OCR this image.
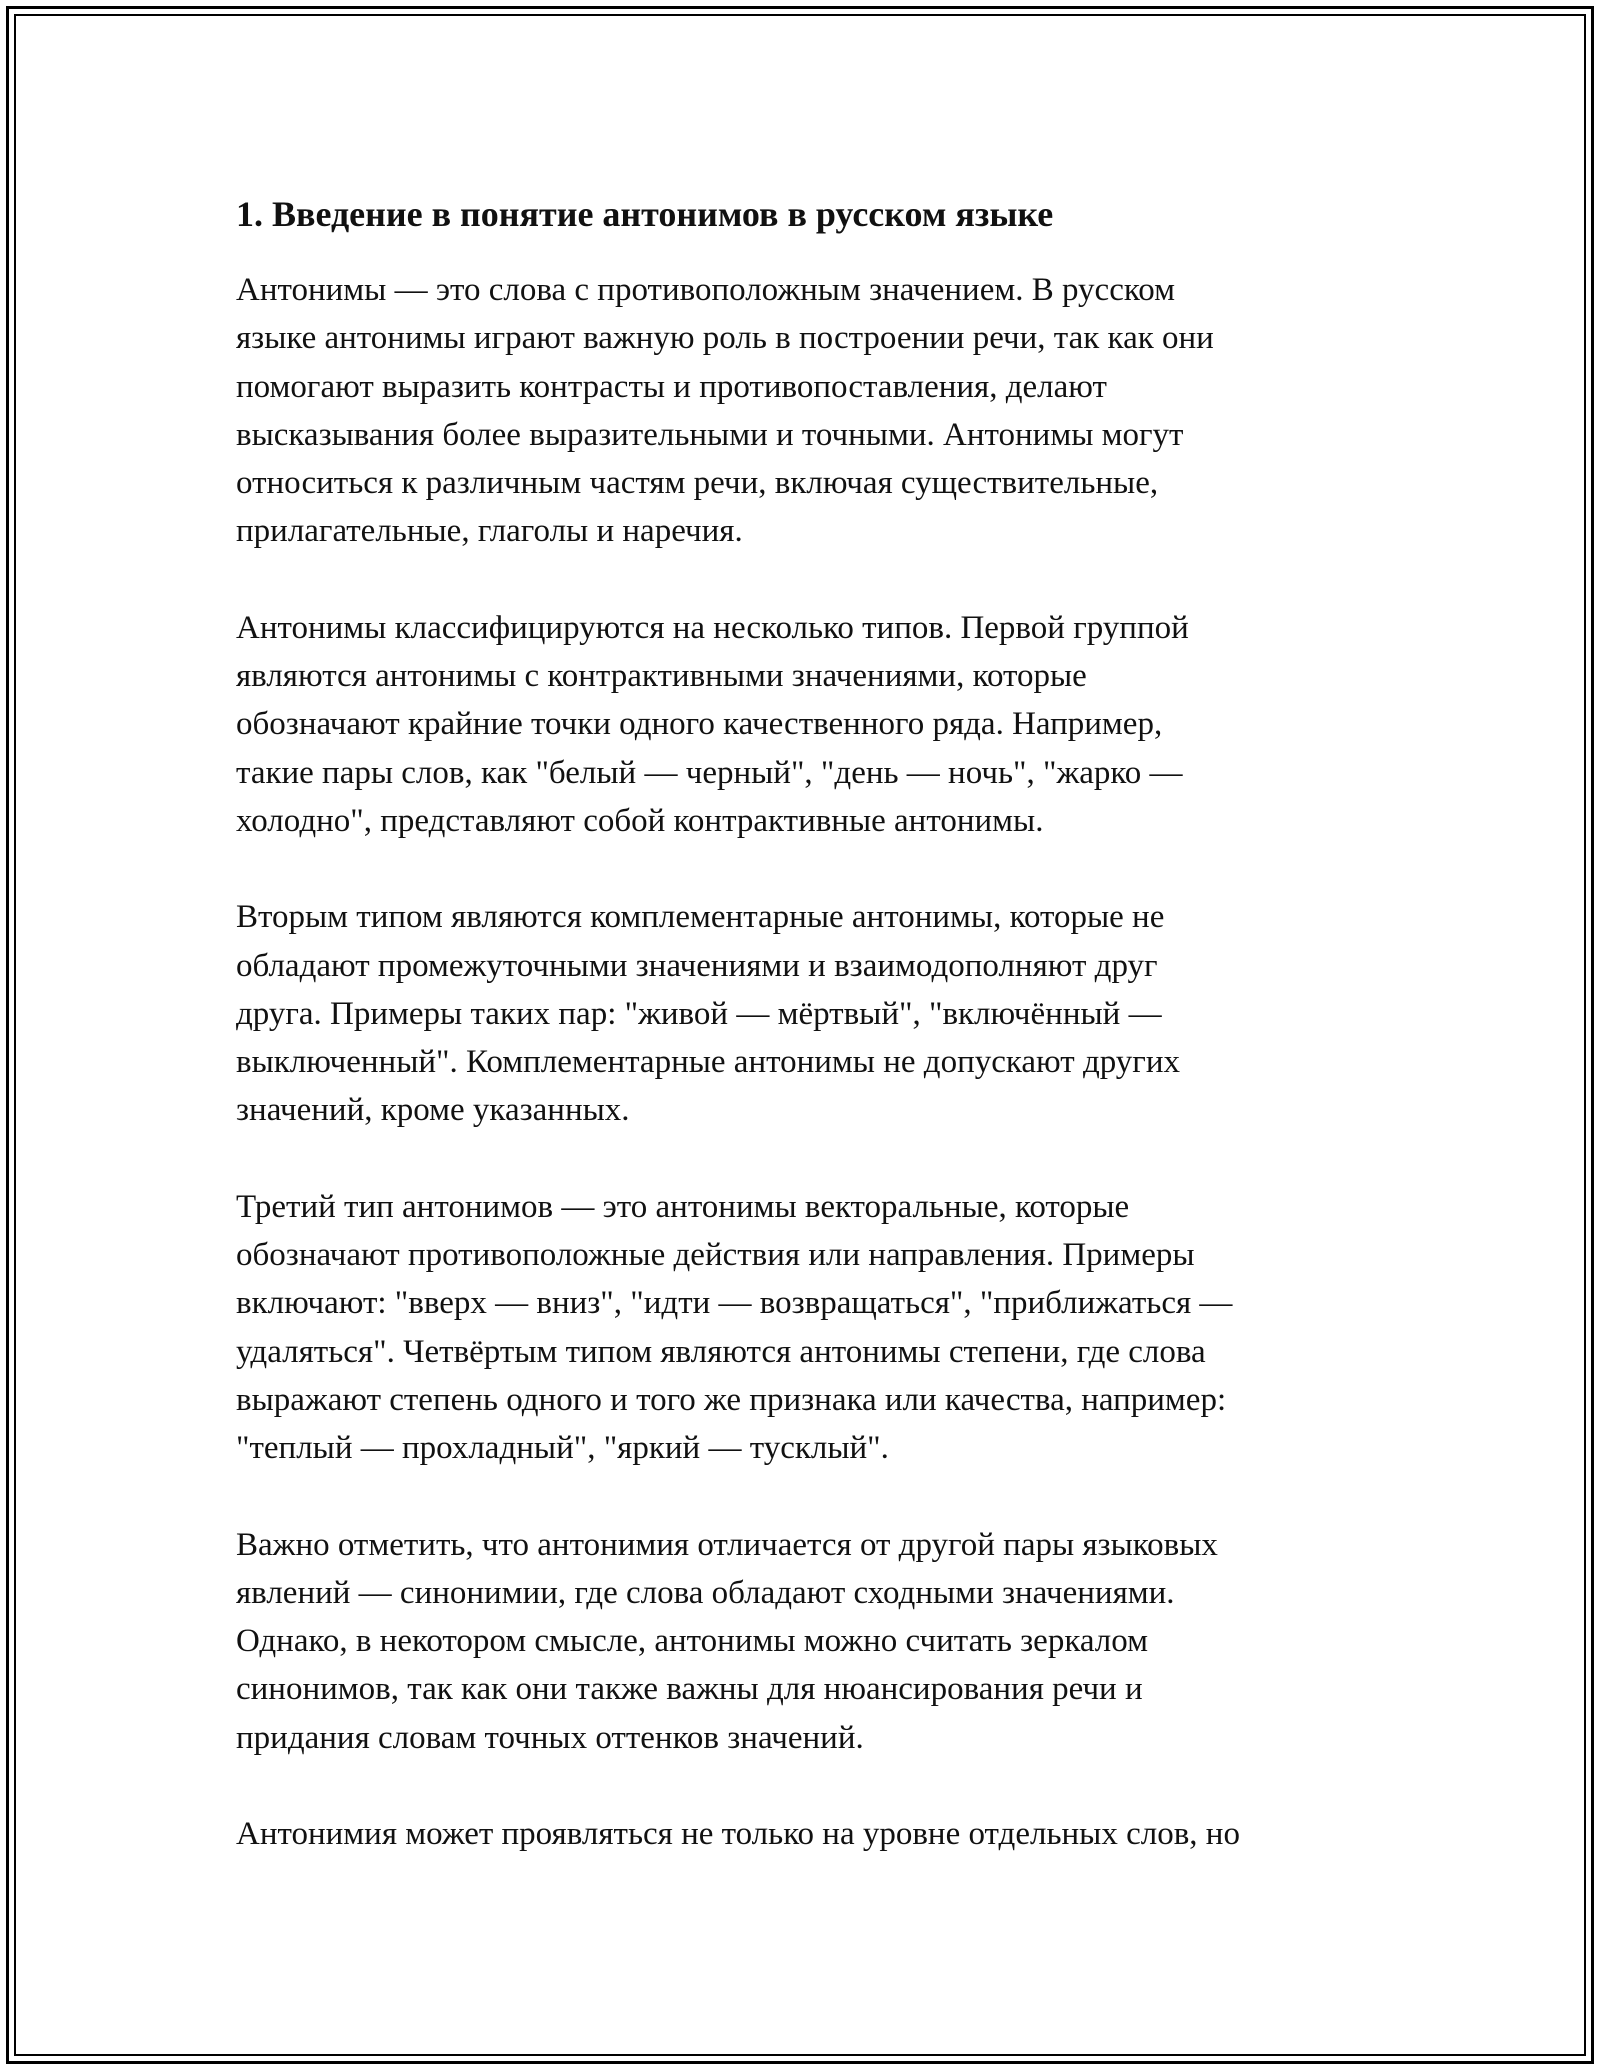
1. Введение в понятие антонимов в русском языке

Антонимы — это слова с противоположным значением. В русском
языке антонимы играют важную роль в построении речи, так как они
помогают выразить контрасты и противопоставления, делают
высказывания более выразительными и точными. Антонимы могут
относиться к различным частям речи, включая существительные,
прилагательные, глаголы и наречия.

Антонимы классифицируются на несколько типов. Первой группой
являются антонимы с контрактивными значениями, которые
обозначают крайние точки одного качественного ряда. Например,
такие пары слов, как "белый — черный", "день — ночь", "жарко —
холодно", представляют собой контрактивные антонимы.

Вторым типом являются комплементарные антонимы, которые не
обладают промежуточными значениями и взаимодополняют друг
друга. Примеры таких пар: "живой — мёртвый", "включённый —
выключенный". Комплементарные антонимы не допускают других
значений, кроме указанных.

Третий тип антонимов — это антонимы векторальные, которые
обозначают противоположные действия или направления. Примеры
включают: "вверх — вниз", "идти — возвращаться", "приближаться —
удаляться". Четвёртым типом являются антонимы степени, где слова
выражают степень одного и того же признака или качества, например:
"теплый — прохладный", "яркий — тусклый".

Важно отметить, что антонимия отличается от другой пары языковых
явлений — синонимии, где слова обладают сходными значениями.
Однако, в некотором смысле, антонимы можно считать зеркалом
синонимов, так как они также важны для нюансирования речи и
придания словам точных оттенков значений.

Антонимия может проявляться не только на уровне отдельных слов, но
